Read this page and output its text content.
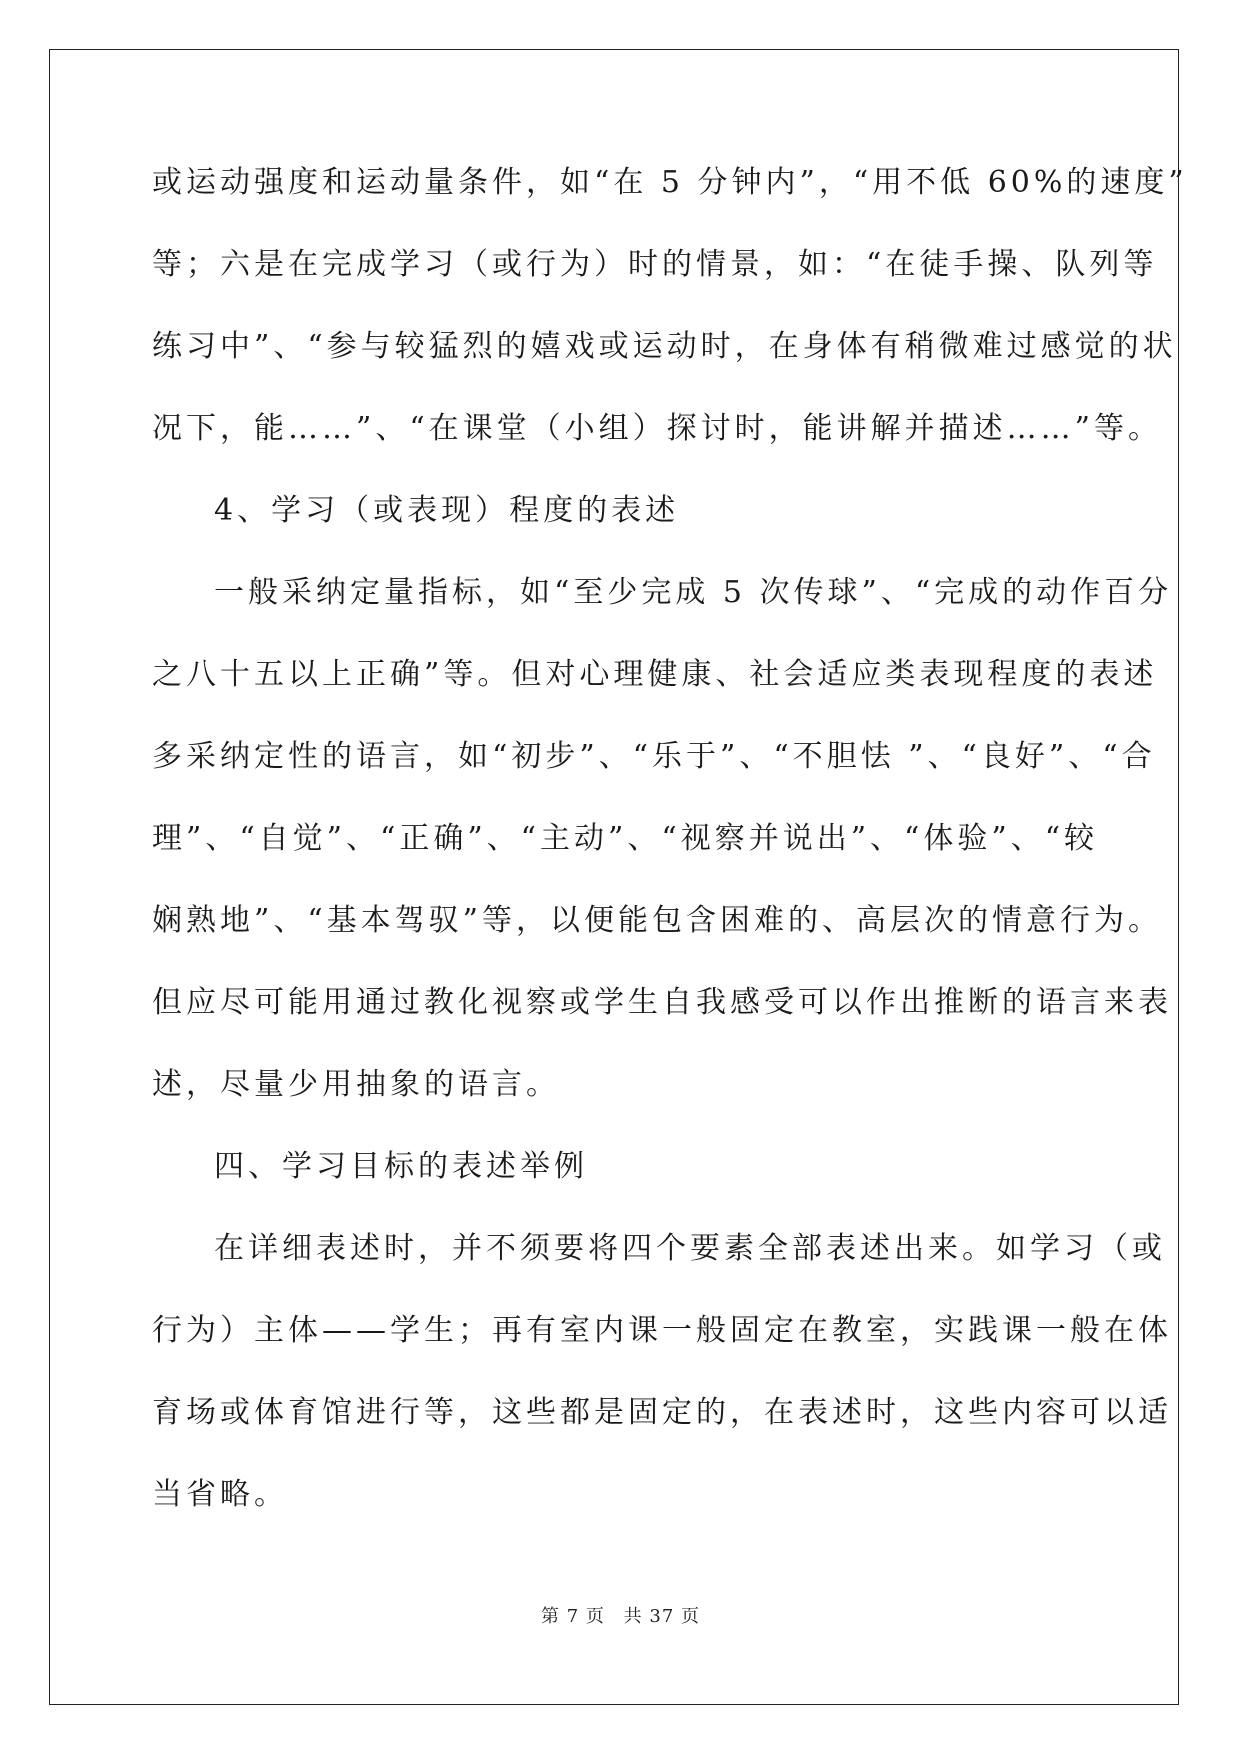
或运动强度和运动量条件，如“在 5 分钟内”，“用不低 60%的速度”
等；六是在完成学习（或行为）时的情景，如：“在徒手操、队列等
练习中”、“参与较猛烈的嬉戏或运动时，在身体有稍微难过感觉的状
况下，能……”、“在课堂（小组）探讨时，能讲解并描述……”等。
4、学习（或表现）程度的表述
一般采纳定量指标，如“至少完成 5 次传球”、“完成的动作百分
之八十五以上正确”等。但对心理健康、社会适应类表现程度的表述
多采纳定性的语言，如“初步”、“乐于”、“不胆怯 ”、“良好”、“合
理”、“自觉”、“正确”、“主动”、“视察并说出”、“体验”、“较
娴熟地”、“基本驾驭”等，以便能包含困难的、高层次的情意行为。
但应尽可能用通过教化视察或学生自我感受可以作出推断的语言来表
述，尽量少用抽象的语言。
四、学习目标的表述举例
在详细表述时，并不须要将四个要素全部表述出来。如学习（或
行为）主体——学生；再有室内课一般固定在教室，实践课一般在体
育场或体育馆进行等，这些都是固定的，在表述时，这些内容可以适
当省略。
第 7 页 共 37 页
